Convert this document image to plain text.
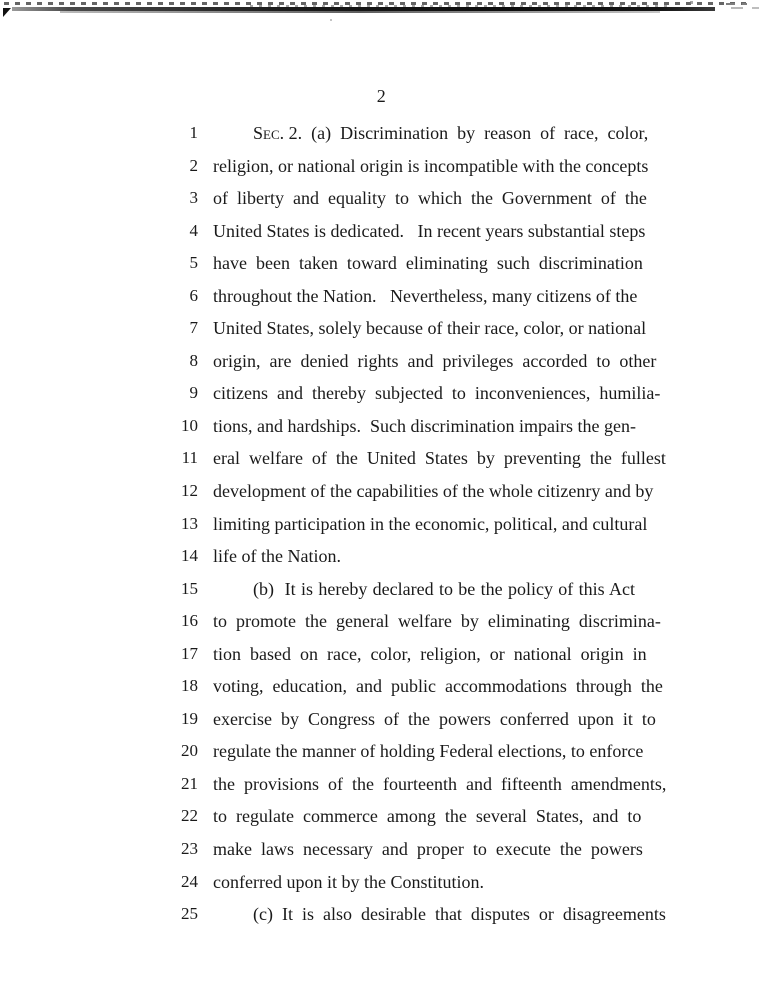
2
1	Sec. 2.  (a)  Discrimination  by  reason  of  race,  color,
2 religion, or national origin is incompatible with the concepts
3 of  liberty  and  equality  to  which  the  Government  of  the
4 United States is dedicated.   In recent years substantial steps
5 have  been  taken  toward  eliminating  such  discrimination
6 throughout the Nation.   Nevertheless, many citizens of the
7 United States, solely because of their race, color, or national
8 origin,  are  denied  rights  and  privileges  accorded  to  other
9 citizens  and  thereby  subjected  to  inconveniences,  humilia-
10 tions, and hardships.  Such discrimination impairs the gen-
11 eral  welfare  of  the  United  States  by  preventing  the  fullest
12 development of the capabilities of the whole citizenry and by
13 limiting participation in the economic, political, and cultural
14 life of the Nation.
15	(b)  It is hereby declared to be the policy of this Act
16 to  promote  the  general  welfare  by  eliminating  discrimina-
17 tion  based  on  race,  color,  religion,  or  national  origin  in
18 voting,  education,  and  public  accommodations  through  the
19 exercise  by  Congress  of  the  powers  conferred  upon  it  to
20 regulate the manner of holding Federal elections, to enforce
21 the  provisions  of  the  fourteenth  and  fifteenth  amendments,
22 to  regulate  commerce  among  the  several  States,  and  to
23 make  laws  necessary  and  proper  to  execute  the  powers
24 conferred upon it by the Constitution.
25	(c)  It  is  also  desirable  that  disputes  or  disagreements
